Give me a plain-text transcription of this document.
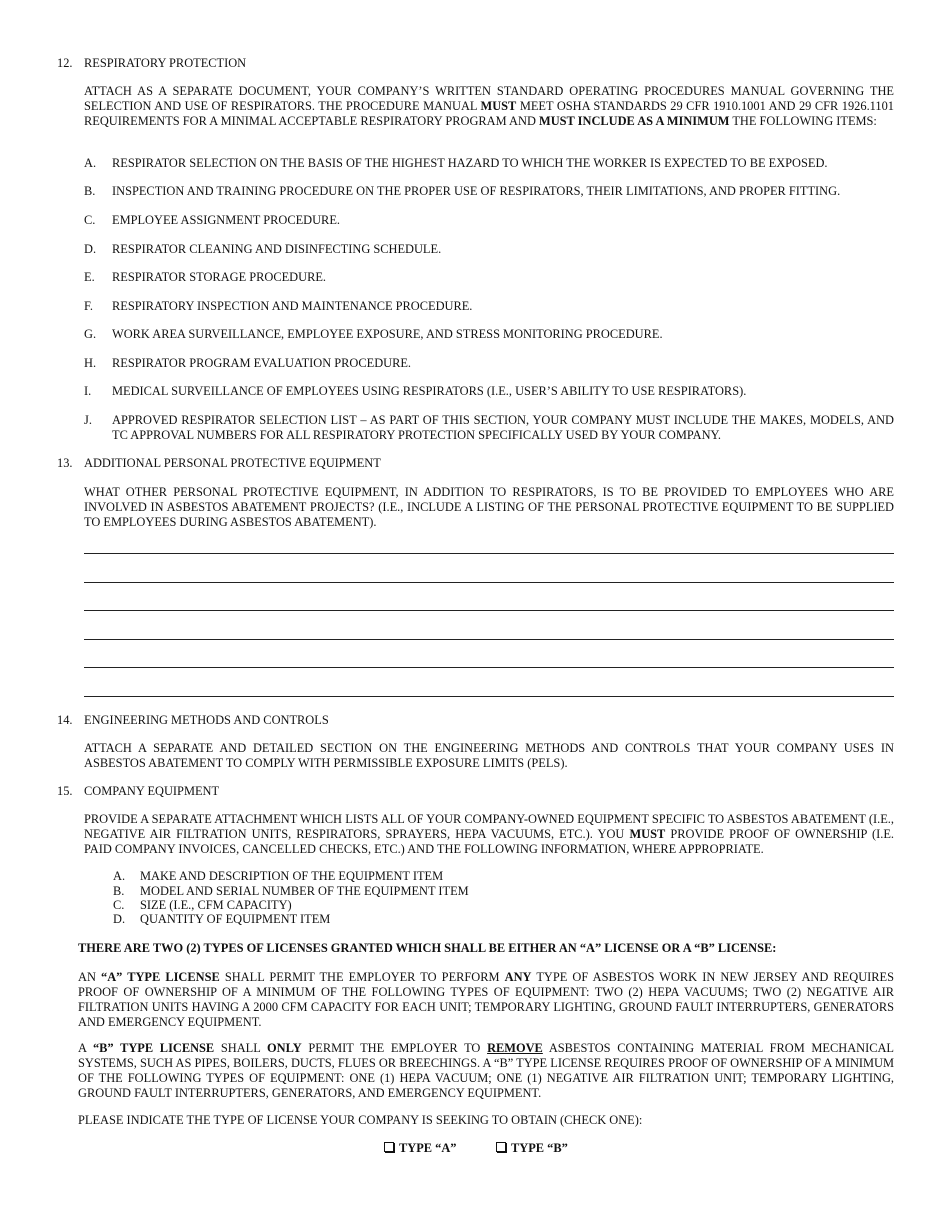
12. RESPIRATORY PROTECTION
ATTACH AS A SEPARATE DOCUMENT, YOUR COMPANY’S WRITTEN STANDARD OPERATING PROCEDURES MANUAL GOVERNING THE SELECTION AND USE OF RESPIRATORS. THE PROCEDURE MANUAL MUST MEET OSHA STANDARDS 29 CFR 1910.1001 AND 29 CFR 1926.1101 REQUIREMENTS FOR A MINIMAL ACCEPTABLE RESPIRATORY PROGRAM AND MUST INCLUDE AS A MINIMUM THE FOLLOWING ITEMS:
A. RESPIRATOR SELECTION ON THE BASIS OF THE HIGHEST HAZARD TO WHICH THE WORKER IS EXPECTED TO BE EXPOSED.
B. INSPECTION AND TRAINING PROCEDURE ON THE PROPER USE OF RESPIRATORS, THEIR LIMITATIONS, AND PROPER FITTING.
C. EMPLOYEE ASSIGNMENT PROCEDURE.
D. RESPIRATOR CLEANING AND DISINFECTING SCHEDULE.
E. RESPIRATOR STORAGE PROCEDURE.
F. RESPIRATORY INSPECTION AND MAINTENANCE PROCEDURE.
G. WORK AREA SURVEILLANCE, EMPLOYEE EXPOSURE, AND STRESS MONITORING PROCEDURE.
H. RESPIRATOR PROGRAM EVALUATION PROCEDURE.
I. MEDICAL SURVEILLANCE OF EMPLOYEES USING RESPIRATORS (I.E., USER’S ABILITY TO USE RESPIRATORS).
J. APPROVED RESPIRATOR SELECTION LIST – AS PART OF THIS SECTION, YOUR COMPANY MUST INCLUDE THE MAKES, MODELS, AND TC APPROVAL NUMBERS FOR ALL RESPIRATORY PROTECTION SPECIFICALLY USED BY YOUR COMPANY.
13. ADDITIONAL PERSONAL PROTECTIVE EQUIPMENT
WHAT OTHER PERSONAL PROTECTIVE EQUIPMENT, IN ADDITION TO RESPIRATORS, IS TO BE PROVIDED TO EMPLOYEES WHO ARE INVOLVED IN ASBESTOS ABATEMENT PROJECTS? (I.E., INCLUDE A LISTING OF THE PERSONAL PROTECTIVE EQUIPMENT TO BE SUPPLIED TO EMPLOYEES DURING ASBESTOS ABATEMENT).
14. ENGINEERING METHODS AND CONTROLS
ATTACH A SEPARATE AND DETAILED SECTION ON THE ENGINEERING METHODS AND CONTROLS THAT YOUR COMPANY USES IN ASBESTOS ABATEMENT TO COMPLY WITH PERMISSIBLE EXPOSURE LIMITS (PELS).
15. COMPANY EQUIPMENT
PROVIDE A SEPARATE ATTACHMENT WHICH LISTS ALL OF YOUR COMPANY-OWNED EQUIPMENT SPECIFIC TO ASBESTOS ABATEMENT (I.E., NEGATIVE AIR FILTRATION UNITS, RESPIRATORS, SPRAYERS, HEPA VACUUMS, ETC.). YOU MUST PROVIDE PROOF OF OWNERSHIP (I.E. PAID COMPANY INVOICES, CANCELLED CHECKS, ETC.) AND THE FOLLOWING INFORMATION, WHERE APPROPRIATE.
A. MAKE AND DESCRIPTION OF THE EQUIPMENT ITEM
B. MODEL AND SERIAL NUMBER OF THE EQUIPMENT ITEM
C. SIZE (I.E., CFM CAPACITY)
D. QUANTITY OF EQUIPMENT ITEM
THERE ARE TWO (2) TYPES OF LICENSES GRANTED WHICH SHALL BE EITHER AN “A” LICENSE OR A “B” LICENSE:
AN “A” TYPE LICENSE SHALL PERMIT THE EMPLOYER TO PERFORM ANY TYPE OF ASBESTOS WORK IN NEW JERSEY AND REQUIRES PROOF OF OWNERSHIP OF A MINIMUM OF THE FOLLOWING TYPES OF EQUIPMENT: TWO (2) HEPA VACUUMS; TWO (2) NEGATIVE AIR FILTRATION UNITS HAVING A 2000 CFM CAPACITY FOR EACH UNIT; TEMPORARY LIGHTING, GROUND FAULT INTERRUPTERS, GENERATORS AND EMERGENCY EQUIPMENT.
A “B” TYPE LICENSE SHALL ONLY PERMIT THE EMPLOYER TO REMOVE ASBESTOS CONTAINING MATERIAL FROM MECHANICAL SYSTEMS, SUCH AS PIPES, BOILERS, DUCTS, FLUES OR BREECHINGS. A “B” TYPE LICENSE REQUIRES PROOF OF OWNERSHIP OF A MINIMUM OF THE FOLLOWING TYPES OF EQUIPMENT: ONE (1) HEPA VACUUM; ONE (1) NEGATIVE AIR FILTRATION UNIT; TEMPORARY LIGHTING, GROUND FAULT INTERRUPTERS, GENERATORS, AND EMERGENCY EQUIPMENT.
PLEASE INDICATE THE TYPE OF LICENSE YOUR COMPANY IS SEEKING TO OBTAIN (CHECK ONE):
TYPE “A”	TYPE “B”
